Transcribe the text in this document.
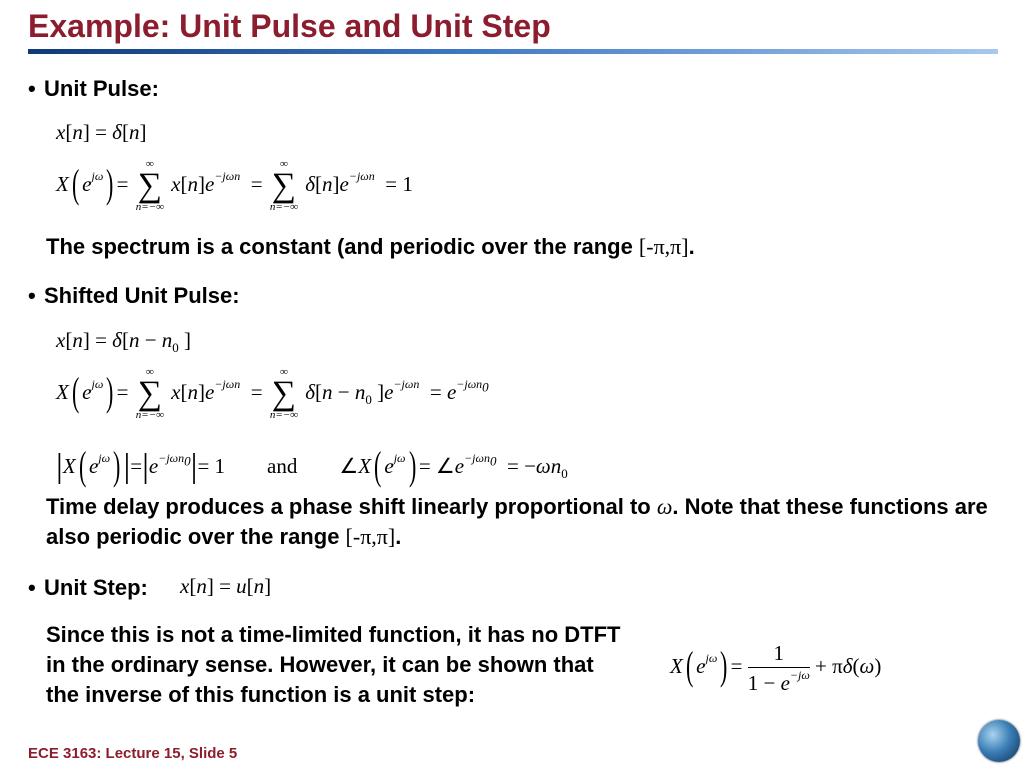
Example: Unit Pulse and Unit Step
• Unit Pulse:
x[n] = δ[n]
X( $e^{j\omega}$) =
∞
∑
n=−∞
$x[n]e^{-j\omega n}$  =
∞
∑
n=−∞
$\delta[n]e^{-j\omega n} = 1$
The spectrum is a constant (and periodic over the range [-π,π].
• Shifted Unit Pulse:
$x[n] = \delta[n - n_0$ ]
X( $e^{j\omega}$) =
∞
∑
n=−∞
$x[n]e^{-j\omega n}$  =
∞
∑
n=−∞
$\delta[n - n_0$ ]$e^{-j\omega n} = e^{-j\omega n_0}$
|X( $e^{j\omega})|=|e^{-j\omega n_0}|= 1$ and        ∠X( $e^{j\omega}$) = $\angle e^{-j\omega n_0} = -\omega n_0$
Time delay produces a phase shift linearly proportional to ω. Note that these functions are also periodic over the range [-π,π].
• Unit Step: x[n] = u[n]
Since this is not a time-limited function, it has no DTFT in the ordinary sense. However, it can be shown that the inverse of this function is a unit step:
X( $e^{j\omega}) = \frac{1}{1 - e^{-j\omega}} + \pi\delta(\omega)$
ECE 3163: Lecture 15, Slide 5
